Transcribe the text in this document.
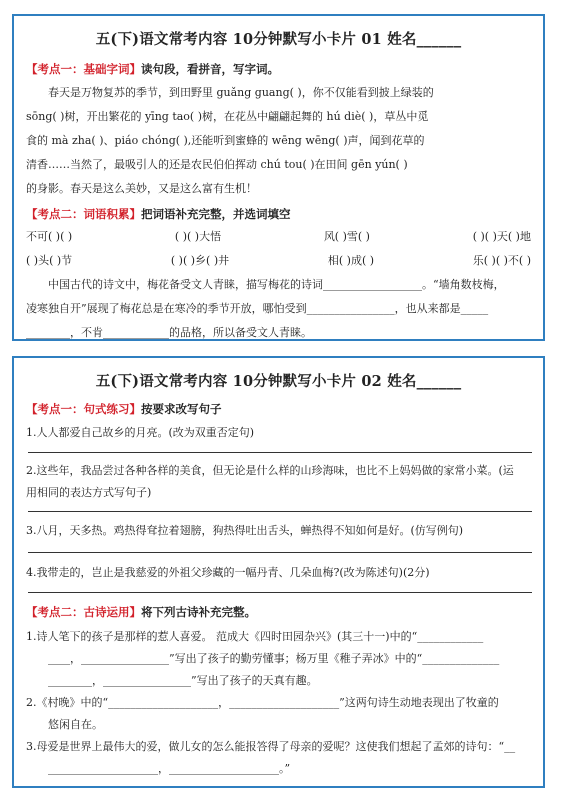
五(下)语文常考内容 10分钟默写小卡片 01 姓名______
【考点一：基础字词】读句段，看拼音，写字词。
春天是万物复苏的季节，到田野里 guǎng guang( )，你不仅能看到披上绿装的
sōng( )树，开出繁花的 yīng tao( )树，在花丛中翩翩起舞的 hú diè( )，草丛中觅
食的 mà zha( )、piáo chóng( ),还能听到蜜蜂的 wēng wēng( )声，闻到花草的
清香……当然了，最吸引人的还是农民伯伯挥动 chú tou( )在田间 gēn yún( )
的身影。春天是这么美妙，又是这么富有生机！
【考点二：词语积累】把词语补充完整，并选词填空
不可( )( )	( )( )大悟	风( )雪( )	( )( )天( )地
( )头( )节	( )( )乡( )井	相( )成( )	乐( )( )不( )
中国古代的诗文中，梅花备受文人青睐，描写梅花的诗词__________________。“墙角数枝梅，
凌寒独自开”展现了梅花总是在寒冷的季节开放，哪怕受到________________，也从来都是_____
________，不肯____________的品格，所以备受文人青睐。
五(下)语文常考内容 10分钟默写小卡片 02 姓名______
【考点一：句式练习】按要求改写句子
1.人人都爱自己故乡的月亮。(改为双重否定句)
2.这些年，我品尝过各种各样的美食，但无论是什么样的山珍海味，也比不上妈妈做的家常小菜。(运
用相同的表达方式写句子)
3.八月，天多热。鸡热得耷拉着翅膀，狗热得吐出舌头，蝉热得不知如何是好。(仿写例句)
4.我带走的，岂止是我慈爱的外祖父珍藏的一幅丹青、几朵血梅?(改为陈述句)(2分)
【考点二：古诗运用】将下列古诗补充完整。
1.诗人笔下的孩子是那样的惹人喜爱。 范成大《四时田园杂兴》(其三十一)中的“____________
____，________________”写出了孩子的勤劳懂事；杨万里《稚子弄冰》中的“______________
________，________________”写出了孩子的天真有趣。
2.《村晚》中的“____________________，____________________”这两句诗生动地表现出了牧童的
悠闲自在。
3.母爱是世界上最伟大的爱，做儿女的怎么能报答得了母亲的爱呢？这使我们想起了孟郊的诗句：“__
____________________，____________________。”
